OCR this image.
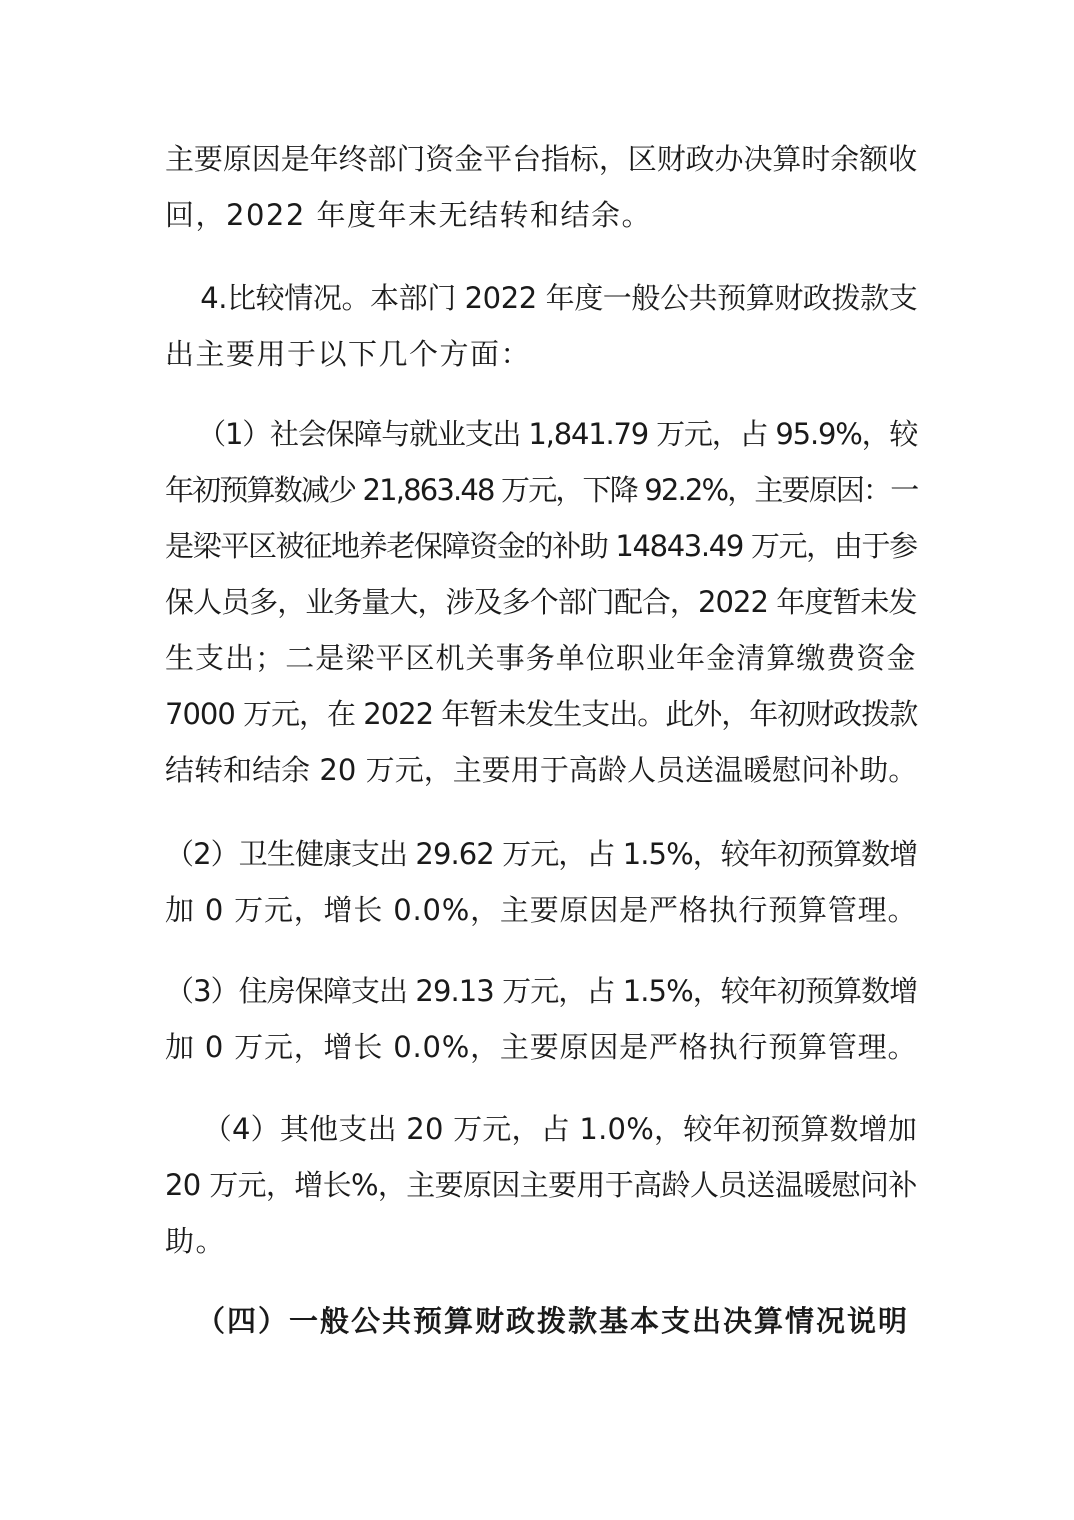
主要原因是年终部门资金平台指标，区财政办决算时余额收
回，2022 年度年末无结转和结余。

4.比较情况。本部门 2022 年度一般公共预算财政拨款支
出主要用于以下几个方面：

（1）社会保障与就业支出 1,841.79 万元，占 95.9%，较
年初预算数减少 21,863.48 万元，下降 92.2%，主要原因：一
是梁平区被征地养老保障资金的补助 14843.49 万元，由于参
保人员多，业务量大，涉及多个部门配合，2022 年度暂未发
生支出；二是梁平区机关事务单位职业年金清算缴费资金
7000 万元，在 2022 年暂未发生支出。此外，年初财政拨款
结转和结余 20 万元，主要用于高龄人员送温暖慰问补助。

（2）卫生健康支出 29.62 万元，占 1.5%，较年初预算数增
加 0 万元，增长 0.0%，主要原因是严格执行预算管理。

（3）住房保障支出 29.13 万元，占 1.5%，较年初预算数增
加 0 万元，增长 0.0%，主要原因是严格执行预算管理。

（4）其他支出 20 万元，占 1.0%，较年初预算数增加
20 万元，增长%，主要原因主要用于高龄人员送温暖慰问补
助。

（四）一般公共预算财政拨款基本支出决算情况说明
